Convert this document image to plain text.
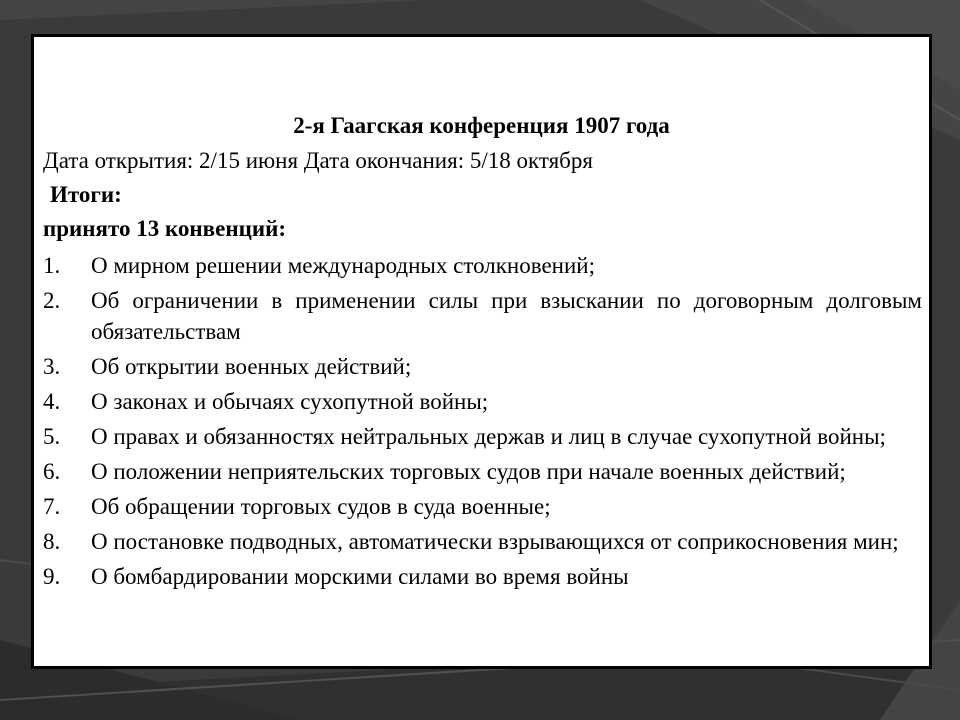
2-я Гаагская конференция 1907 года

Дата открытия: 2/15 июня Дата окончания: 5/18 октября

Итоги:

принято 13 конвенций:

1. О мирном решении международных столкновений;
2. Об ограничении в применении силы при взыскании по договорным долговым обязательствам
3. Об открытии военных действий;
4. О законах и обычаях сухопутной войны;
5. О правах и обязанностях нейтральных держав и лиц в случае сухопутной войны;
6. О положении неприятельских торговых судов при начале военных действий;
7. Об обращении торговых судов в суда военные;
8. О постановке подводных, автоматически взрывающихся от соприкосновения мин;
9. О бомбардировании морскими силами во время войны
